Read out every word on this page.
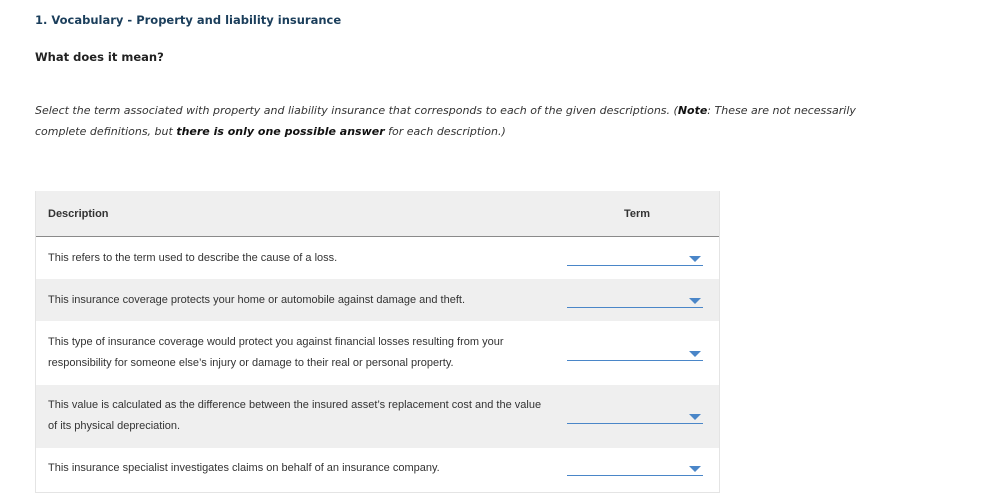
1. Vocabulary - Property and liability insurance
What does it mean?
Select the term associated with property and liability insurance that corresponds to each of the given descriptions. (Note: These are not necessarily complete definitions, but there is only one possible answer for each description.)
Description	Term
This refers to the term used to describe the cause of a loss.
This insurance coverage protects your home or automobile against damage and theft.
This type of insurance coverage would protect you against financial losses resulting from your responsibility for someone else’s injury or damage to their real or personal property.
This value is calculated as the difference between the insured asset’s replacement cost and the value of its physical depreciation.
This insurance specialist investigates claims on behalf of an insurance company.
